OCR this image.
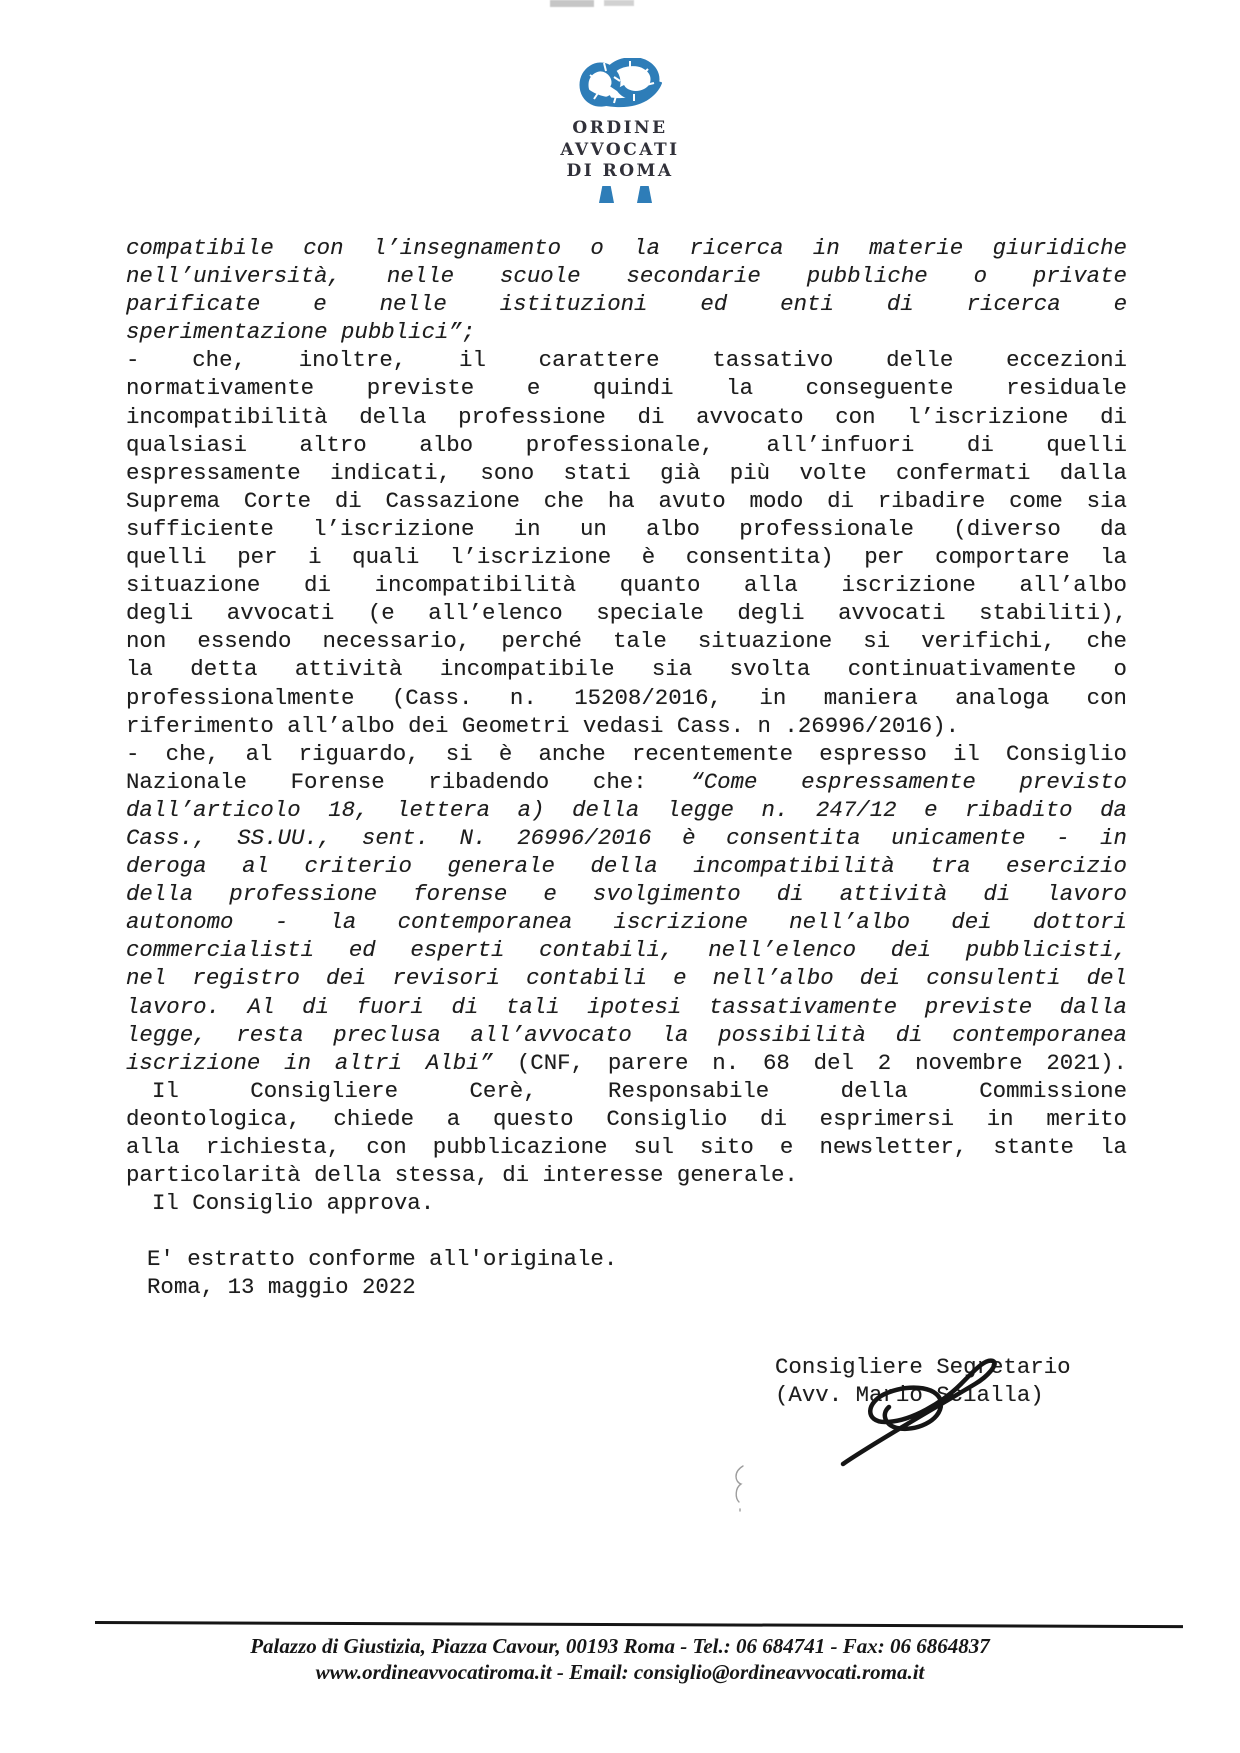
ORDINE
AVVOCATI
DI ROMA
compatibile con l’insegnamento o la ricerca in materie giuridiche
nell’università, nelle scuole secondarie pubbliche o private
parificate e nelle istituzioni ed enti di ricerca e
sperimentazione pubblici”;
- che, inoltre, il carattere tassativo delle eccezioni
normativamente previste e quindi la conseguente residuale
incompatibilità della professione di avvocato con l’iscrizione di
qualsiasi altro albo professionale, all’infuori di quelli
espressamente indicati, sono stati già più volte confermati dalla
Suprema Corte di Cassazione che ha avuto modo di ribadire come sia
sufficiente l’iscrizione in un albo professionale (diverso da
quelli per i quali l’iscrizione è consentita) per comportare la
situazione di incompatibilità quanto alla iscrizione all’albo
degli avvocati (e all’elenco speciale degli avvocati stabiliti),
non essendo necessario, perché tale situazione si verifichi, che
la detta attività incompatibile sia svolta continuativamente o
professionalmente (Cass. n. 15208/2016, in maniera analoga con
riferimento all’albo dei Geometri vedasi Cass. n .26996/2016).
- che, al riguardo, si è anche recentemente espresso il Consiglio
Nazionale Forense ribadendo che: “Come espressamente previsto
dall’articolo 18, lettera a) della legge n. 247/12 e ribadito da
Cass., SS.UU., sent. N. 26996/2016 è consentita unicamente - in
deroga al criterio generale della incompatibilità tra esercizio
della professione forense e svolgimento di attività di lavoro
autonomo - la contemporanea iscrizione nell’albo dei dottori
commercialisti ed esperti contabili, nell’elenco dei pubblicisti,
nel registro dei revisori contabili e nell’albo dei consulenti del
lavoro. Al di fuori di tali ipotesi tassativamente previste dalla
legge, resta preclusa all’avvocato la possibilità di contemporanea
iscrizione in altri Albi” (CNF, parere n. 68 del 2 novembre 2021).
Il Consigliere Cerè, Responsabile della Commissione
deontologica, chiede a questo Consiglio di esprimersi in merito
alla richiesta, con pubblicazione sul sito e newsletter, stante la
particolarità della stessa, di interesse generale.
Il Consiglio approva.
E' estratto conforme all'originale.
Roma, 13 maggio 2022
Consigliere Segretario
(Avv. Mario Scialla)
Palazzo di Giustizia, Piazza Cavour, 00193 Roma - Tel.: 06 684741 - Fax: 06 6864837
www.ordineavvocatiroma.it - Email: consiglio@ordineavvocati.roma.it
